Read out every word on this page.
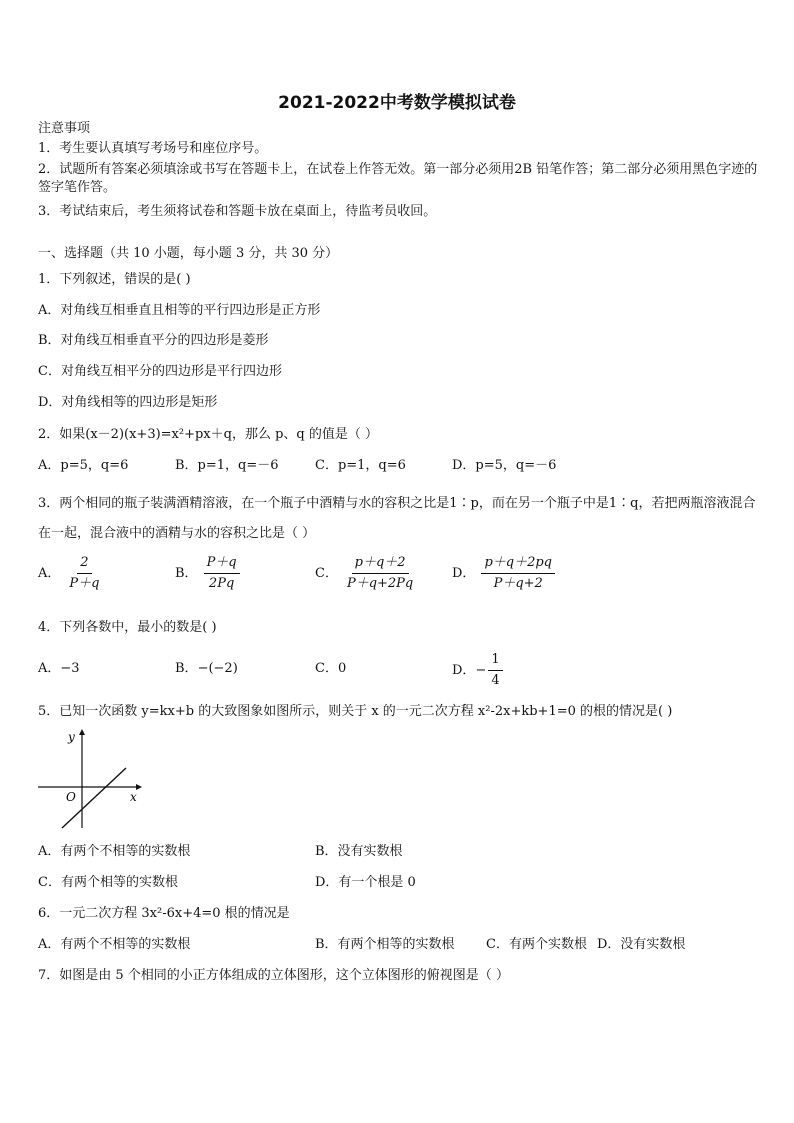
2021-2022中考数学模拟试卷
注意事项
1．考生要认真填写考场号和座位序号。
2．试题所有答案必须填涂或书写在答题卡上，在试卷上作答无效。第一部分必须用2B 铅笔作答；第二部分必须用黑色字迹的签字笔作答。
3．考试结束后，考生须将试卷和答题卡放在桌面上，待监考员收回。
一、选择题（共 10 小题，每小题 3 分，共 30 分）
1．下列叙述，错误的是( )
A．对角线互相垂直且相等的平行四边形是正方形
B．对角线互相垂直平分的四边形是菱形
C．对角线互相平分的四边形是平行四边形
D．对角线相等的四边形是矩形
2．如果(x－2)(x+3)=x²+px＋q，那么 p、q 的值是（ ）
A．p=5，q=6	B．p=1，q=－6	C．p=1，q=6	D．p=5，q=－6
3．两个相同的瓶子装满酒精溶液，在一个瓶子中酒精与水的容积之比是1∶p，而在另一个瓶子中是1∶q，若把两瓶溶液混合在一起，混合液中的酒精与水的容积之比是（ ）
A． $\frac{2}{P+q}$	B． $\frac{P+q}{2Pq}$	C． $\frac{p+q+2}{P+q+2Pq}$	D． $\frac{p+q+2pq}{P+q+2}$
4．下列各数中，最小的数是( )
A．−3	B．−(−2)	C．0	D．− $\frac{1}{4}$
5．已知一次函数 y=kx+b 的大致图象如图所示，则关于 x 的一元二次方程 x²-2x+kb+1=0 的根的情况是( )
y
x
O
A．有两个不相等的实数根	B．没有实数根
C．有两个相等的实数根	D．有一个根是 0
6．一元二次方程 3x²-6x+4=0 根的情况是
A．有两个不相等的实数根	B．有两个相等的实数根 C．有两个实数根 D．没有实数根
7．如图是由 5 个相同的小正方体组成的立体图形，这个立体图形的俯视图是（ ）
